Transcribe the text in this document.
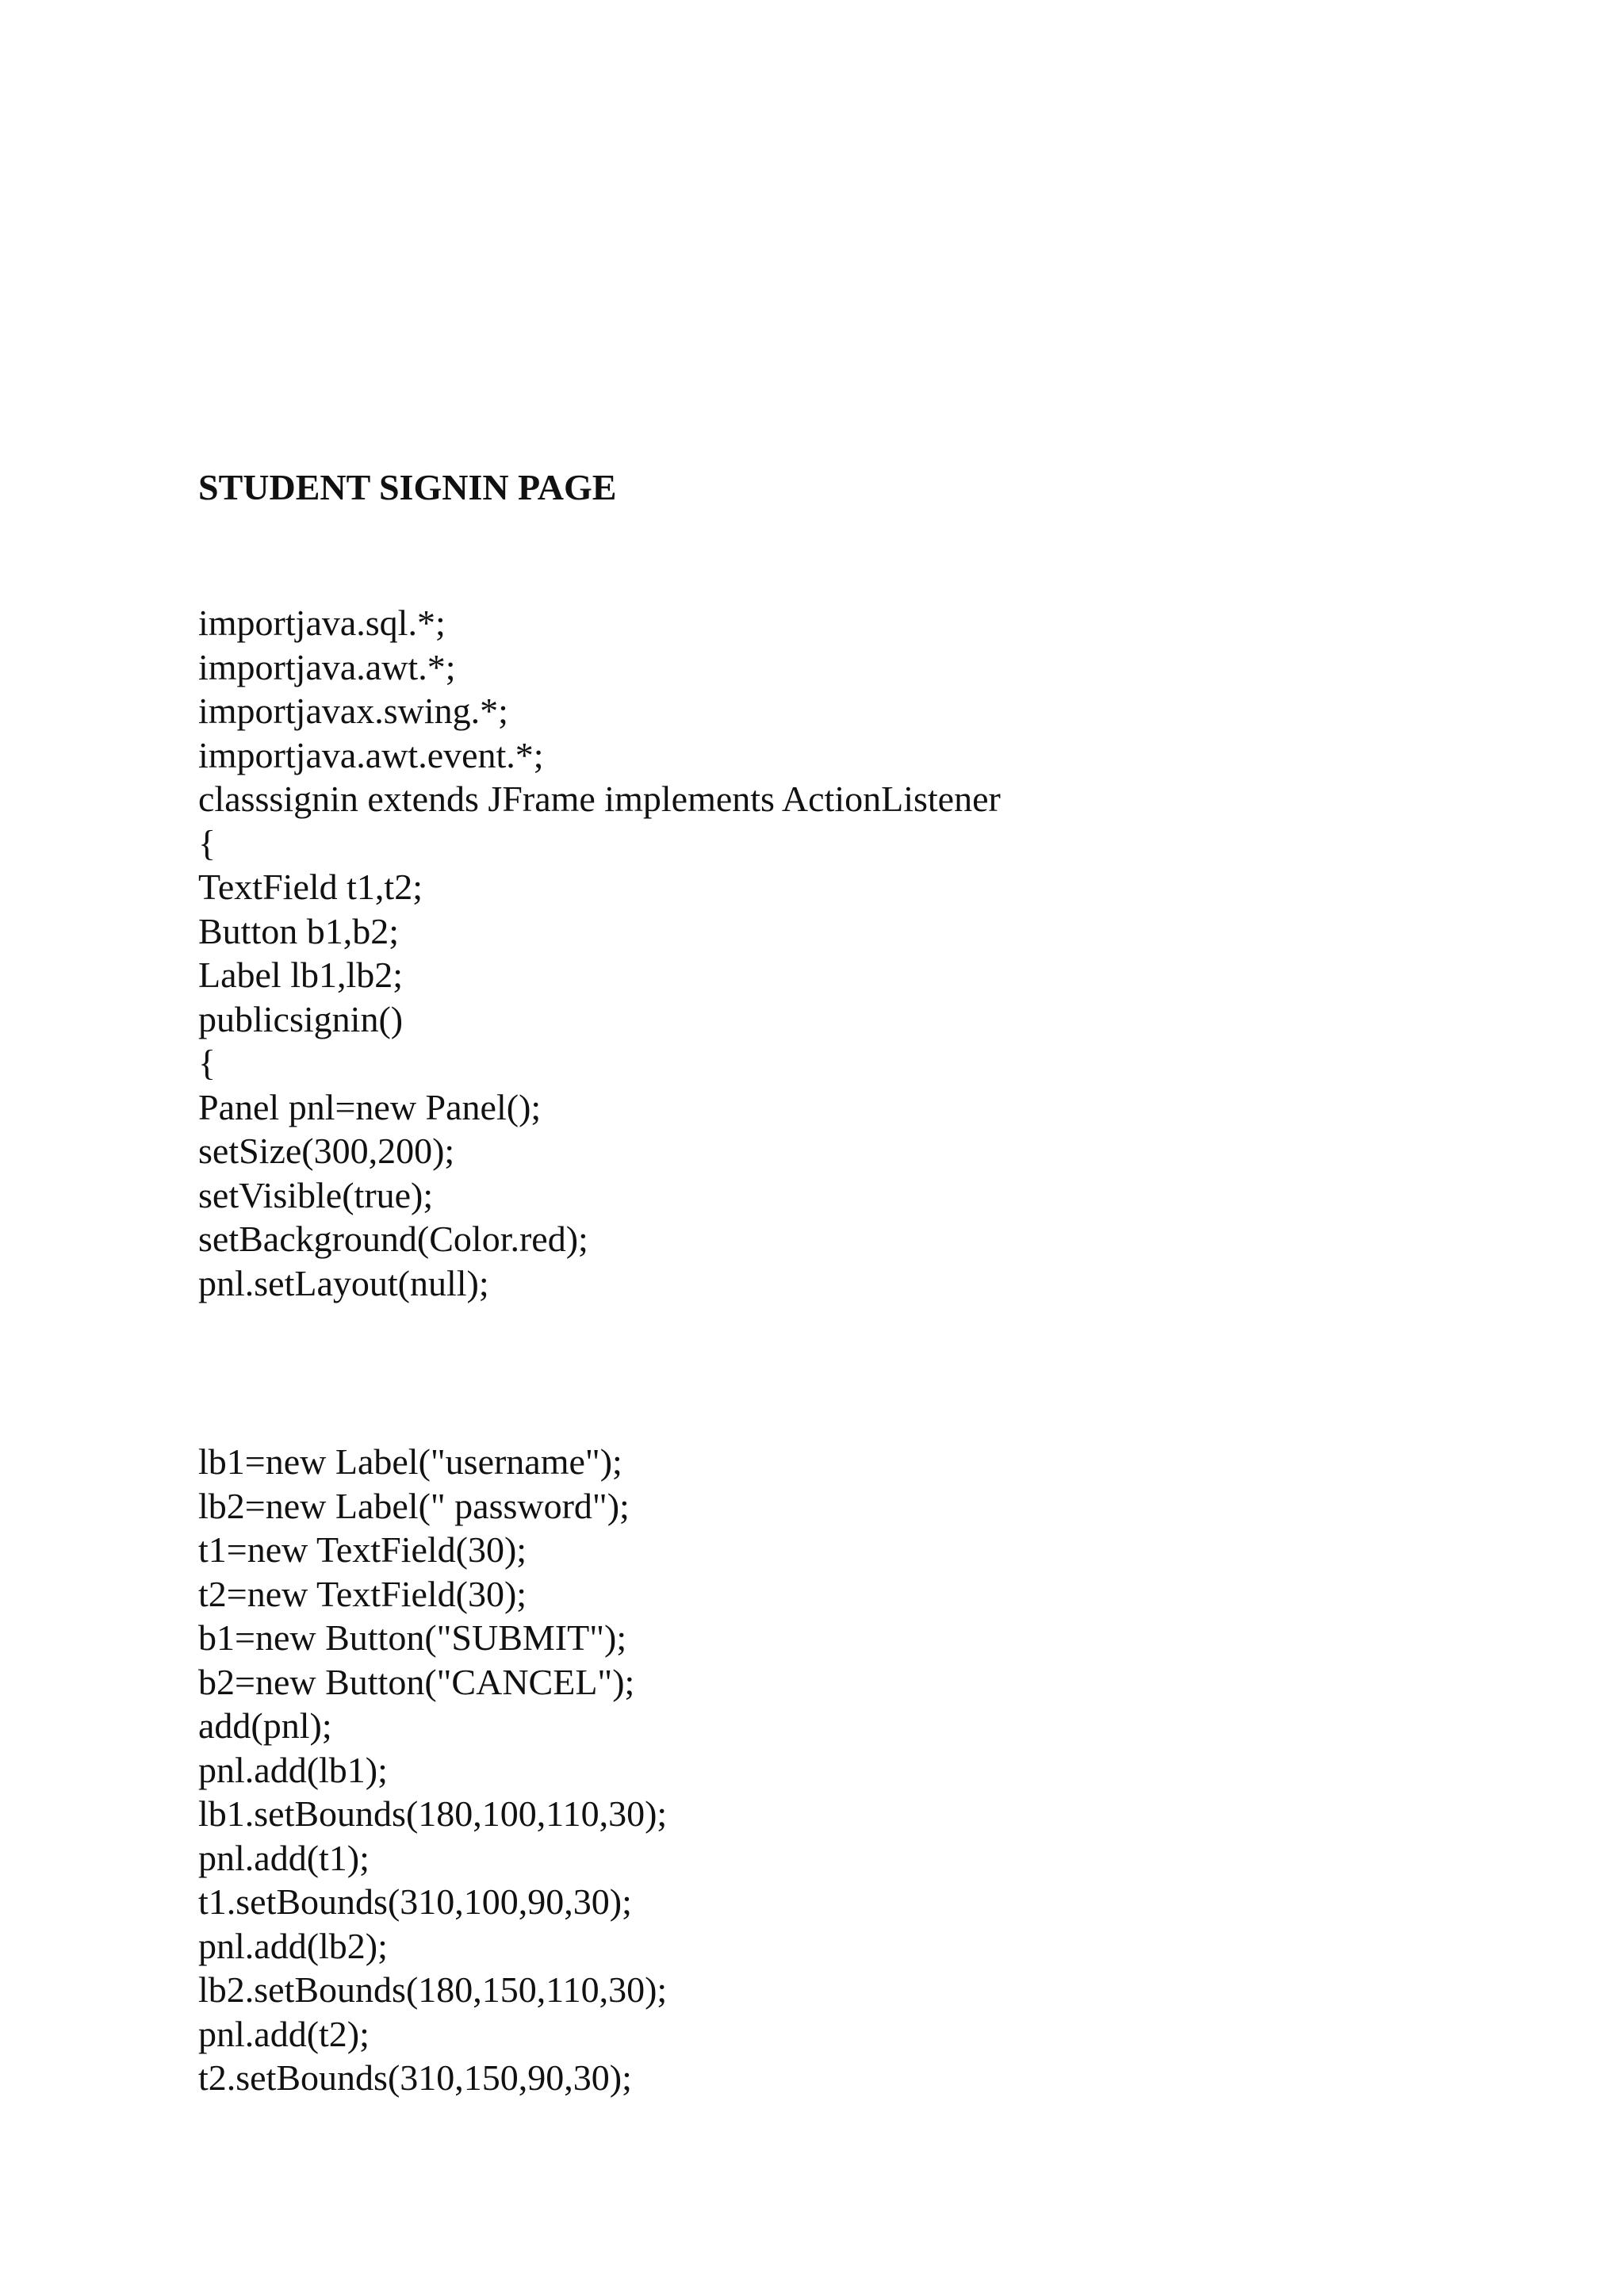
STUDENT SIGNIN PAGE
importjava.sql.*;
importjava.awt.*;
importjavax.swing.*;
importjava.awt.event.*;
classsignin extends JFrame implements ActionListener
{
TextField t1,t2;
Button b1,b2;
Label lb1,lb2;
publicsignin()
{
Panel pnl=new Panel();
setSize(300,200);
setVisible(true);
setBackground(Color.red);
pnl.setLayout(null);
lb1=new Label("username");
lb2=new Label(" password");
t1=new TextField(30);
t2=new TextField(30);
b1=new Button("SUBMIT");
b2=new Button("CANCEL");
add(pnl);
pnl.add(lb1);
lb1.setBounds(180,100,110,30);
pnl.add(t1);
t1.setBounds(310,100,90,30);
pnl.add(lb2);
lb2.setBounds(180,150,110,30);
pnl.add(t2);
t2.setBounds(310,150,90,30);
